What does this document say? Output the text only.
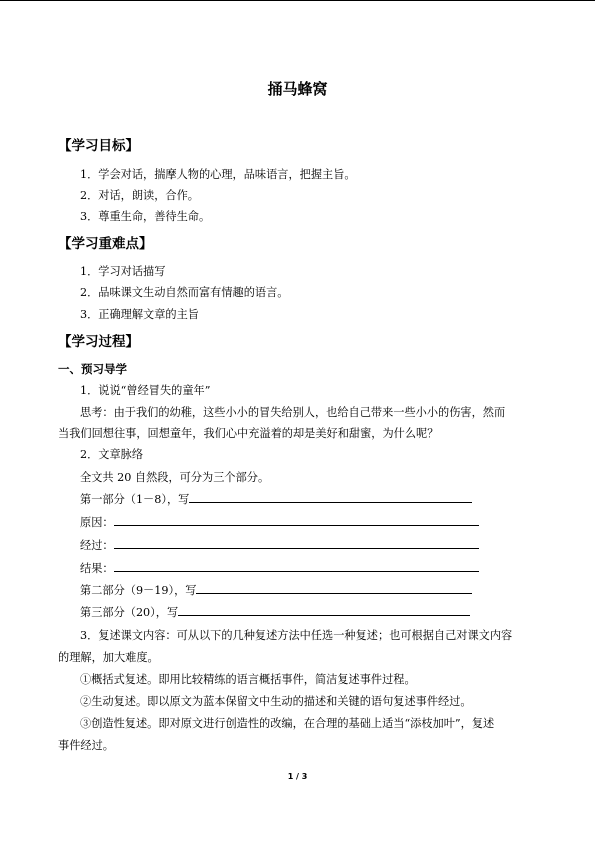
捅马蜂窝
【学习目标】
1．学会对话，揣摩人物的心理，品味语言，把握主旨。
2．对话，朗读，合作。
3．尊重生命，善待生命。
【学习重难点】
1．学习对话描写
2．品味课文生动自然而富有情趣的语言。
3．正确理解文章的主旨
【学习过程】
一、预习导学
1．说说“曾经冒失的童年”
思考：由于我们的幼稚，这些小小的冒失给别人，也给自己带来一些小小的伤害，然而
当我们回想往事，回想童年，我们心中充溢着的却是美好和甜蜜，为什么呢？
2．文章脉络
全文共 20 自然段，可分为三个部分。
第一部分（1－8），写
原因：
经过：
结果：
第二部分（9－19），写
第三部分（20），写
3．复述课文内容：可从以下的几种复述方法中任选一种复述；也可根据自己对课文内容
的理解，加大难度。
①概括式复述。即用比较精练的语言概括事件，简洁复述事件过程。
②生动复述。即以原文为蓝本保留文中生动的描述和关键的语句复述事件经过。
③创造性复述。即对原文进行创造性的改编，在合理的基础上适当“添枝加叶”，复述
事件经过。
1 / 3
